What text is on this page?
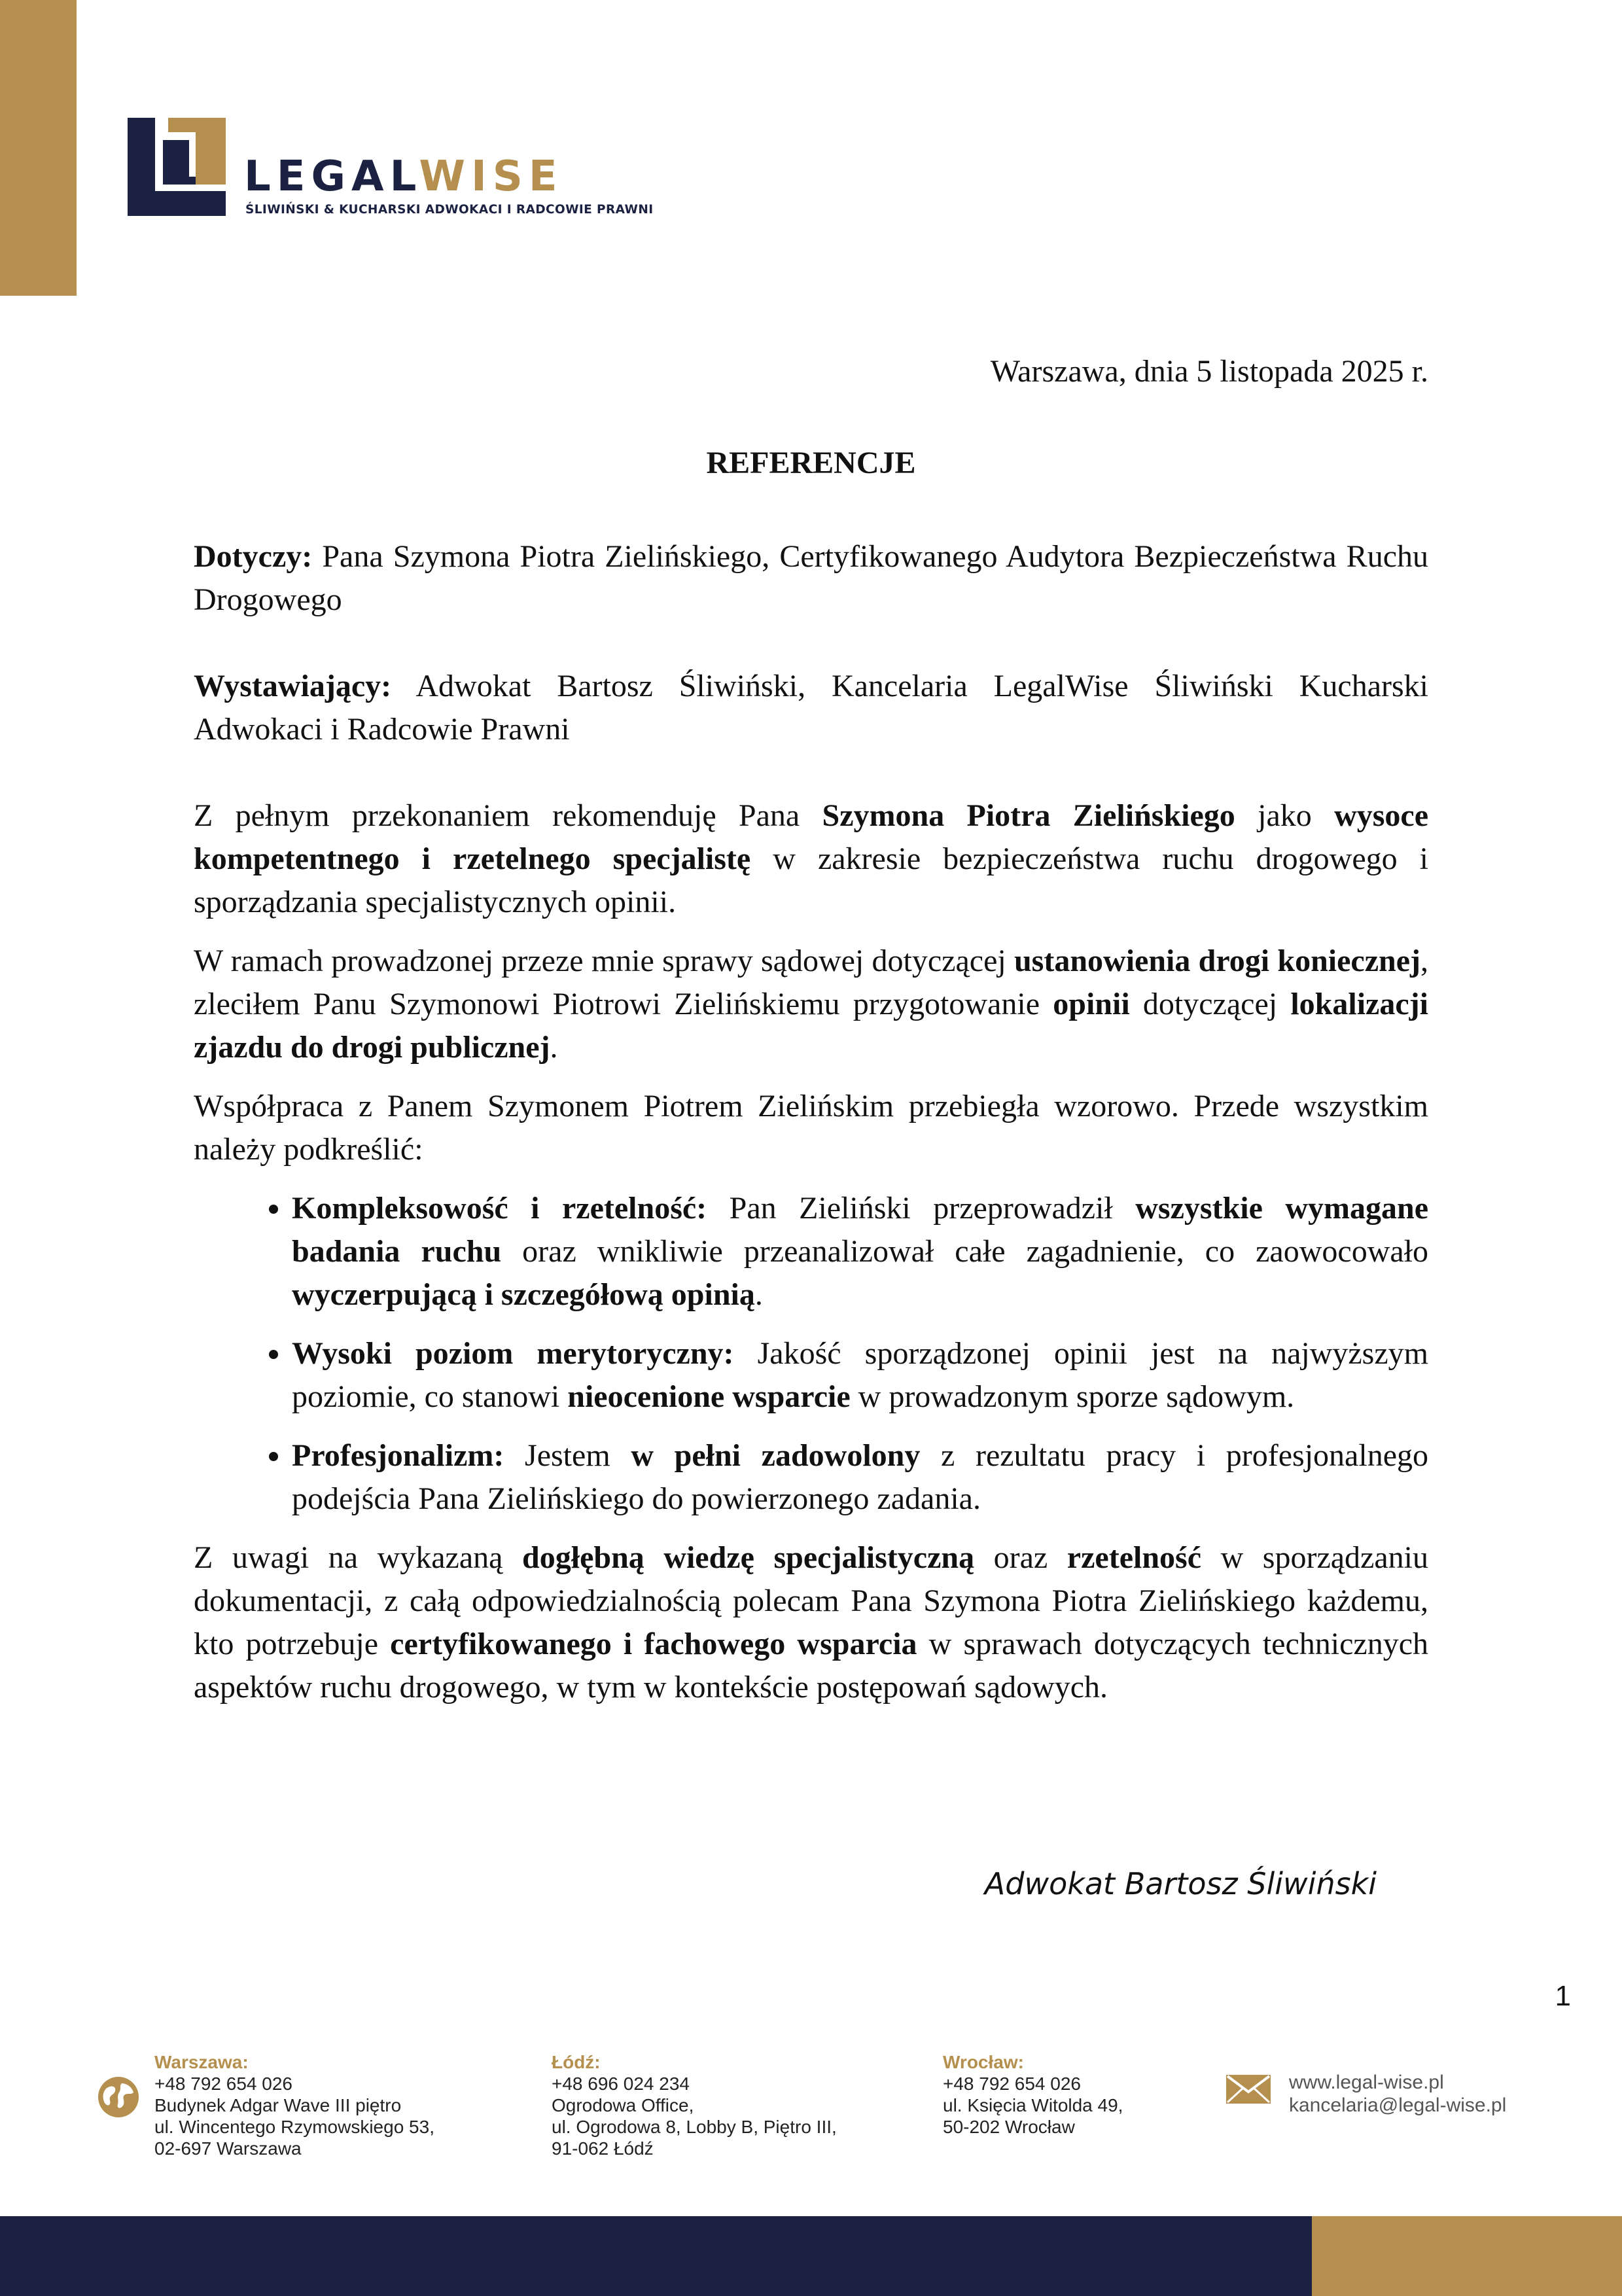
LEGALWISE
ŚLIWIŃSKI & KUCHARSKI ADWOKACI I RADCOWIE PRAWNI
Warszawa, dnia 5 listopada 2025 r.
REFERENCJE

Dotyczy: Pana Szymona Piotra Zielińskiego, Certyfikowanego Audytora Bezpieczeństwa Ruchu Drogowego

Wystawiający: Adwokat Bartosz Śliwiński, Kancelaria LegalWise Śliwiński Kucharski Adwokaci i Radcowie Prawni

Z pełnym przekonaniem rekomenduję Pana Szymona Piotra Zielińskiego jako wysoce kompetentnego i rzetelnego specjalistę w zakresie bezpieczeństwa ruchu drogowego i sporządzania specjalistycznych opinii.

W ramach prowadzonej przeze mnie sprawy sądowej dotyczącej ustanowienia drogi koniecznej, zleciłem Panu Szymonowi Piotrowi Zielińskiemu przygotowanie opinii dotyczącej lokalizacji zjazdu do drogi publicznej.

Współpraca z Panem Szymonem Piotrem Zielińskim przebiegła wzorowo. Przede wszystkim należy podkreślić:

• Kompleksowość i rzetelność: Pan Zieliński przeprowadził wszystkie wymagane badania ruchu oraz wnikliwie przeanalizował całe zagadnienie, co zaowocowało wyczerpującą i szczegółową opinią.
• Wysoki poziom merytoryczny: Jakość sporządzonej opinii jest na najwyższym poziomie, co stanowi nieocenione wsparcie w prowadzonym sporze sądowym.
• Profesjonalizm: Jestem w pełni zadowolony z rezultatu pracy i profesjonalnego podejścia Pana Zielińskiego do powierzonego zadania.

Z uwagi na wykazaną dogłębną wiedzę specjalistyczną oraz rzetelność w sporządzaniu dokumentacji, z całą odpowiedzialnością polecam Pana Szymona Piotra Zielińskiego każdemu, kto potrzebuje certyfikowanego i fachowego wsparcia w sprawach dotyczących technicznych aspektów ruchu drogowego, w tym w kontekście postępowań sądowych.

Adwokat Bartosz Śliwiński
1
Warszawa:
+48 792 654 026
Budynek Adgar Wave III piętro
ul. Wincentego Rzymowskiego 53,
02-697 Warszawa
Łódź:
+48 696 024 234
Ogrodowa Office,
ul. Ogrodowa 8, Lobby B, Piętro III,
91-062 Łódź
Wrocław:
+48 792 654 026
ul. Księcia Witolda 49,
50-202 Wrocław
www.legal-wise.pl
kancelaria@legal-wise.pl
